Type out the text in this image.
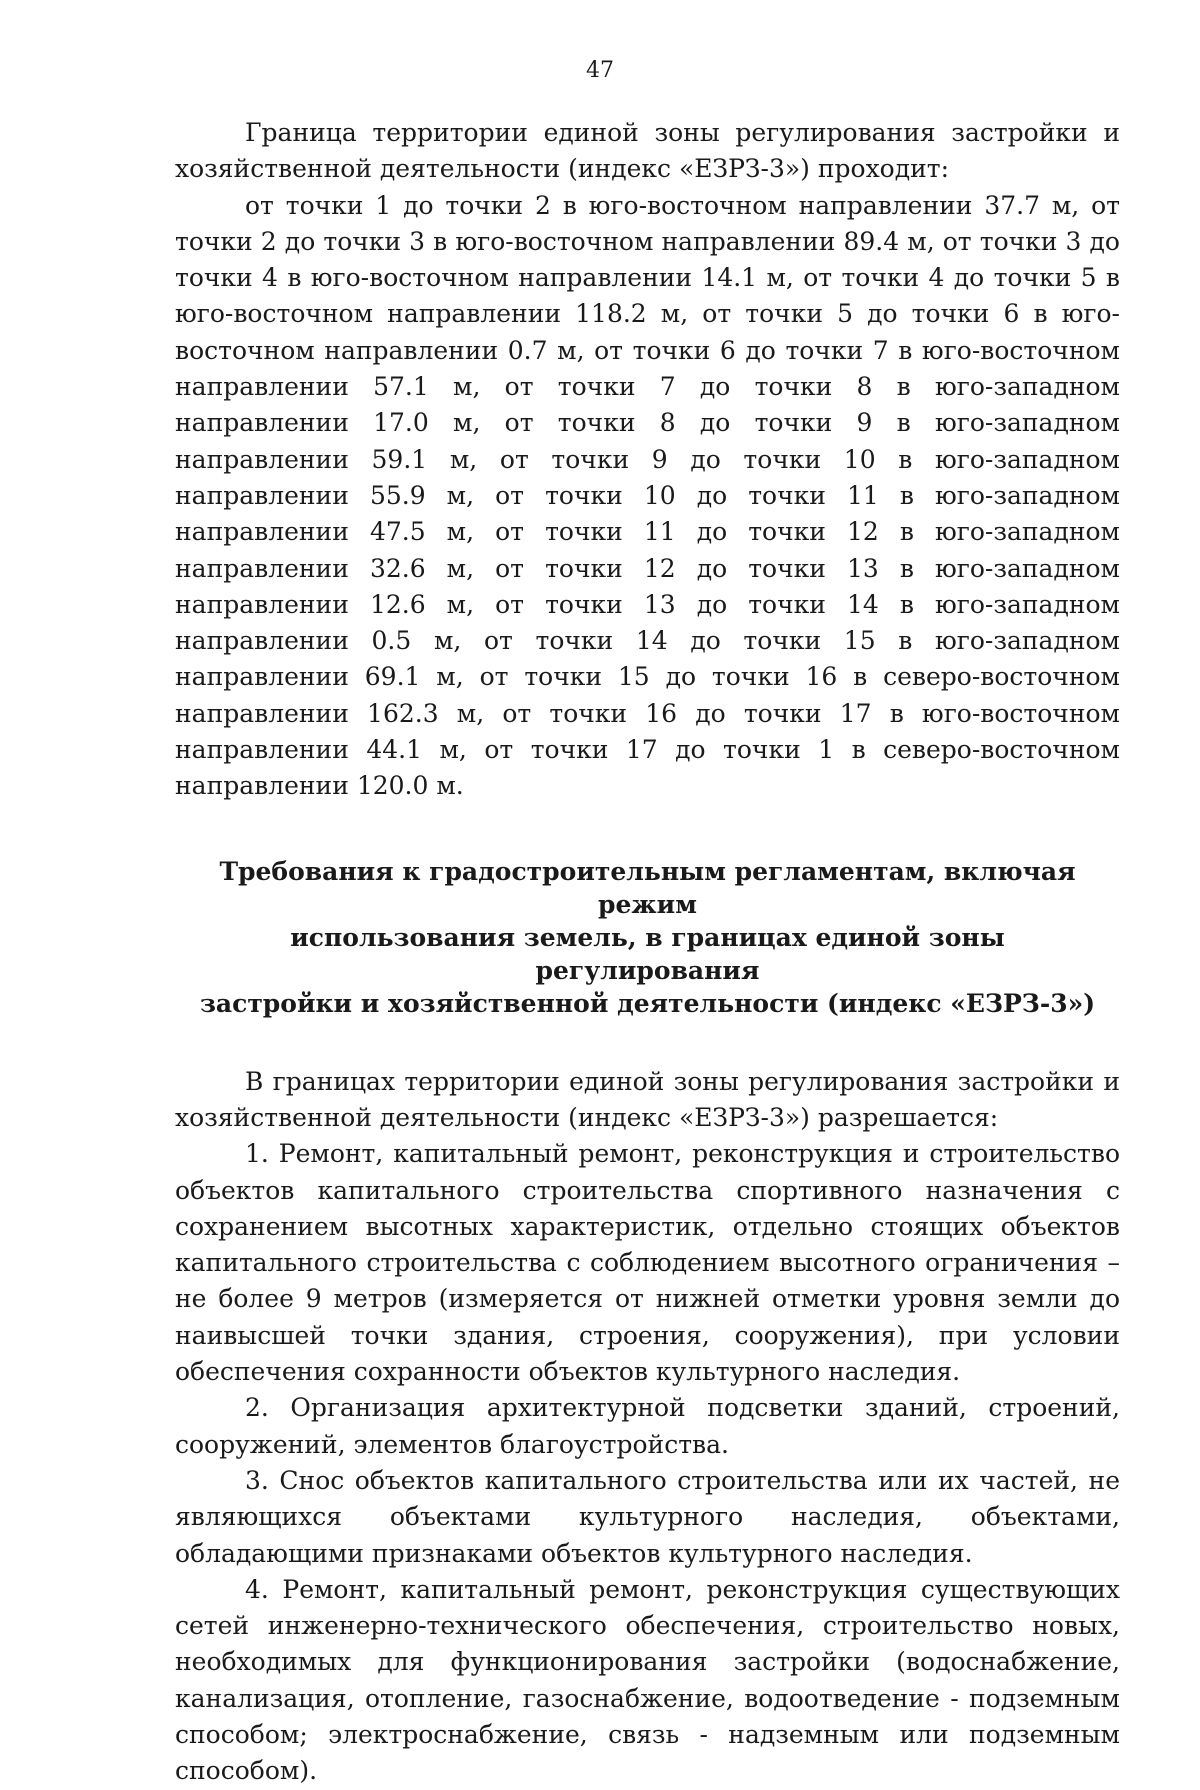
47

Граница территории единой зоны регулирования застройки и хозяйственной деятельности (индекс «ЕЗРЗ-3») проходит:

от точки 1 до точки 2 в юго-восточном направлении 37.7 м, от точки 2 до точки 3 в юго-восточном направлении 89.4 м, от точки 3 до точки 4 в юго-восточном направлении 14.1 м, от точки 4 до точки 5 в юго-восточном направлении 118.2 м, от точки 5 до точки 6 в юго-восточном направлении 0.7 м, от точки 6 до точки 7 в юго-восточном направлении 57.1 м, от точки 7 до точки 8 в юго-западном направлении 17.0 м, от точки 8 до точки 9 в юго-западном направлении 59.1 м, от точки 9 до точки 10 в юго-западном направлении 55.9 м, от точки 10 до точки 11 в юго-западном направлении 47.5 м, от точки 11 до точки 12 в юго-западном направлении 32.6 м, от точки 12 до точки 13 в юго-западном направлении 12.6 м, от точки 13 до точки 14 в юго-западном направлении 0.5 м, от точки 14 до точки 15 в юго-западном направлении 69.1 м, от точки 15 до точки 16 в северо-восточном направлении 162.3 м, от точки 16 до точки 17 в юго-восточном направлении 44.1 м, от точки 17 до точки 1 в северо-восточном направлении 120.0 м.

Требования к градостроительным регламентам, включая режим
использования земель, в границах единой зоны регулирования
застройки и хозяйственной деятельности (индекс «ЕЗРЗ-3»)

В границах территории единой зоны регулирования застройки и хозяйственной деятельности (индекс «ЕЗРЗ-3») разрешается:

1. Ремонт, капитальный ремонт, реконструкция и строительство объектов капитального строительства спортивного назначения с сохранением высотных характеристик, отдельно стоящих объектов капитального строительства с соблюдением высотного ограничения – не более 9 метров (измеряется от нижней отметки уровня земли до наивысшей точки здания, строения, сооружения), при условии обеспечения сохранности объектов культурного наследия.

2. Организация архитектурной подсветки зданий, строений, сооружений, элементов благоустройства.

3. Снос объектов капитального строительства или их частей, не являющихся объектами культурного наследия, объектами, обладающими признаками объектов культурного наследия.

4. Ремонт, капитальный ремонт, реконструкция существующих сетей инженерно-технического обеспечения, строительство новых, необходимых для функционирования застройки (водоснабжение, канализация, отопление, газоснабжение, водоотведение - подземным способом; электроснабжение, связь - надземным или подземным способом).
